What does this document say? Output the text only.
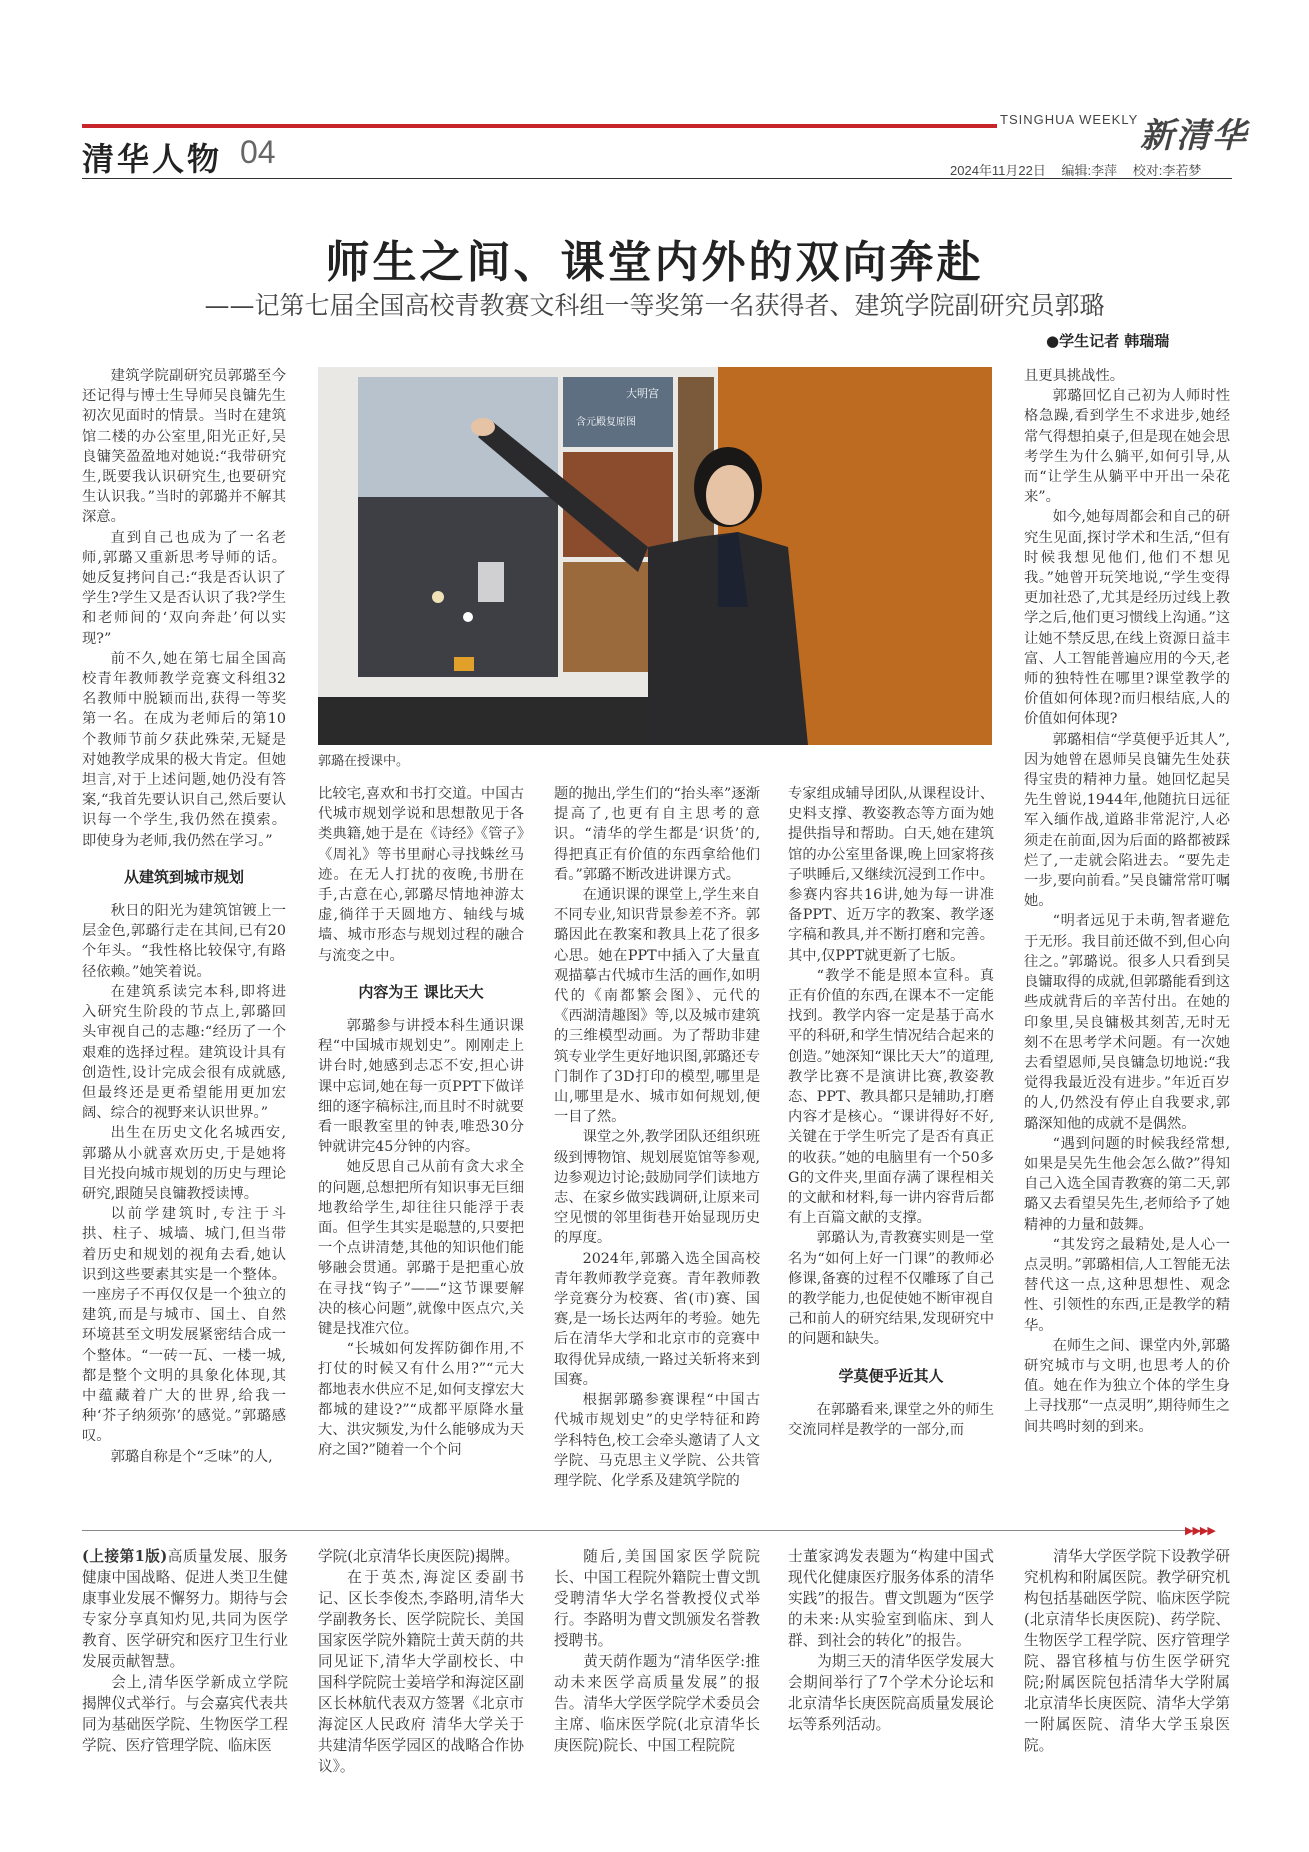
清华人物 04
TSINGHUA WEEKLY 新清华
2024年11月22日 编辑:李萍 校对:李若梦
师生之间、课堂内外的双向奔赴
——记第七届全国高校青教赛文科组一等奖第一名获得者、建筑学院副研究员郭璐
●学生记者 韩瑞瑞
大明宫
含元殿复原图
郭璐在授课中。

建筑学院副研究员郭璐至今还记得与博士生导师吴良镛先生初次见面时的情景。当时在建筑馆二楼的办公室里,阳光正好,吴良镛笑盈盈地对她说:“我带研究生,既要我认识研究生,也要研究生认识我。”当时的郭璐并不解其深意。

直到自己也成为了一名老师,郭璐又重新思考导师的话。她反复拷问自己:“我是否认识了学生?学生又是否认识了我?学生和老师间的‘双向奔赴’何以实现?”

前不久,她在第七届全国高校青年教师教学竞赛文科组32名教师中脱颖而出,获得一等奖第一名。在成为老师后的第10个教师节前夕获此殊荣,无疑是对她教学成果的极大肯定。但她坦言,对于上述问题,她仍没有答案,“我首先要认识自己,然后要认识每一个学生,我仍然在摸索。即使身为老师,我仍然在学习。”

从建筑到城市规划

秋日的阳光为建筑馆镀上一层金色,郭璐行走在其间,已有20个年头。“我性格比较保守,有路径依赖。”她笑着说。

在建筑系读完本科,即将进入研究生阶段的节点上,郭璐回头审视自己的志趣:“经历了一个艰难的选择过程。建筑设计具有创造性,设计完成会很有成就感,但最终还是更希望能用更加宏阔、综合的视野来认识世界。”

出生在历史文化名城西安,郭璐从小就喜欢历史,于是她将目光投向城市规划的历史与理论研究,跟随吴良镛教授读博。

以前学建筑时,专注于斗拱、柱子、城墙、城门,但当带着历史和规划的视角去看,她认识到这些要素其实是一个整体。一座房子不再仅仅是一个独立的建筑,而是与城市、国土、自然环境甚至文明发展紧密结合成一个整体。“一砖一瓦、一楼一城,都是整个文明的具象化体现,其中蕴藏着广大的世界,给我一种‘芥子纳须弥’的感觉。”郭璐感叹。

郭璐自称是个“乏味”的人,

比较宅,喜欢和书打交道。中国古代城市规划学说和思想散见于各类典籍,她于是在《诗经》《管子》《周礼》等书里耐心寻找蛛丝马迹。在无人打扰的夜晚,书册在手,古意在心,郭璐尽情地神游太虚,徜徉于天圆地方、轴线与城墙、城市形态与规划过程的融合与流变之中。

内容为王 课比天大

郭璐参与讲授本科生通识课程“中国城市规划史”。刚刚走上讲台时,她感到忐忑不安,担心讲课中忘词,她在每一页PPT下做详细的逐字稿标注,而且时不时就要看一眼教室里的钟表,唯恐30分钟就讲完45分钟的内容。

她反思自己从前有贪大求全的问题,总想把所有知识事无巨细地教给学生,却往往只能浮于表面。但学生其实是聪慧的,只要把一个点讲清楚,其他的知识他们能够融会贯通。郭璐于是把重心放在寻找“钩子”——“这节课要解决的核心问题”,就像中医点穴,关键是找准穴位。

“长城如何发挥防御作用,不打仗的时候又有什么用?”“元大都地表水供应不足,如何支撑宏大都城的建设?”“成都平原降水量大、洪灾频发,为什么能够成为天府之国?”随着一个个问

题的抛出,学生们的“抬头率”逐渐提高了,也更有自主思考的意识。“清华的学生都是‘识货’的,得把真正有价值的东西拿给他们看。”郭璐不断改进讲课方式。

在通识课的课堂上,学生来自不同专业,知识背景参差不齐。郭璐因此在教案和教具上花了很多心思。她在PPT中插入了大量直观描摹古代城市生活的画作,如明代的《南都繁会图》、元代的《西湖清趣图》等,以及城市建筑的三维模型动画。为了帮助非建筑专业学生更好地识图,郭璐还专门制作了3D打印的模型,哪里是山,哪里是水、城市如何规划,便一目了然。

课堂之外,教学团队还组织班级到博物馆、规划展览馆等参观,边参观边讨论;鼓励同学们读地方志、在家乡做实践调研,让原来司空见惯的邻里街巷开始显现历史的厚度。

2024年,郭璐入选全国高校青年教师教学竞赛。青年教师教学竞赛分为校赛、省(市)赛、国赛,是一场长达两年的考验。她先后在清华大学和北京市的竞赛中取得优异成绩,一路过关斩将来到国赛。

根据郭璐参赛课程“中国古代城市规划史”的史学特征和跨学科特色,校工会牵头邀请了人文学院、马克思主义学院、公共管理学院、化学系及建筑学院的

专家组成辅导团队,从课程设计、史料支撑、教姿教态等方面为她提供指导和帮助。白天,她在建筑馆的办公室里备课,晚上回家将孩子哄睡后,又继续沉浸到工作中。参赛内容共16讲,她为每一讲准备PPT、近万字的教案、教学逐字稿和教具,并不断打磨和完善。其中,仅PPT就更新了七版。

“教学不能是照本宣科。真正有价值的东西,在课本不一定能找到。教学内容一定是基于高水平的科研,和学生情况结合起来的创造。”她深知“课比天大”的道理,教学比赛不是演讲比赛,教姿教态、PPT、教具都只是辅助,打磨内容才是核心。“课讲得好不好,关键在于学生听完了是否有真正的收获。”她的电脑里有一个50多G的文件夹,里面存满了课程相关的文献和材料,每一讲内容背后都有上百篇文献的支撑。

郭璐认为,青教赛实则是一堂名为“如何上好一门课”的教师必修课,备赛的过程不仅雕琢了自己的教学能力,也促使她不断审视自己和前人的研究结果,发现研究中的问题和缺失。

学莫便乎近其人

在郭璐看来,课堂之外的师生交流同样是教学的一部分,而

且更具挑战性。

郭璐回忆自己初为人师时性格急躁,看到学生不求进步,她经常气得想拍桌子,但是现在她会思考学生为什么躺平,如何引导,从而“让学生从躺平中开出一朵花来”。

如今,她每周都会和自己的研究生见面,探讨学术和生活,“但有时候我想见他们,他们不想见我。”她曾开玩笑地说,“学生变得更加社恐了,尤其是经历过线上教学之后,他们更习惯线上沟通。”这让她不禁反思,在线上资源日益丰富、人工智能普遍应用的今天,老师的独特性在哪里?课堂教学的价值如何体现?而归根结底,人的价值如何体现?

郭璐相信“学莫便乎近其人”,因为她曾在恩师吴良镛先生处获得宝贵的精神力量。她回忆起吴先生曾说,1944年,他随抗日远征军入缅作战,道路非常泥泞,人必须走在前面,因为后面的路都被踩烂了,一走就会陷进去。“要先走一步,要向前看。”吴良镛常常叮嘱她。

“明者远见于未萌,智者避危于无形。我目前还做不到,但心向往之。”郭璐说。很多人只看到吴良镛取得的成就,但郭璐能看到这些成就背后的辛苦付出。在她的印象里,吴良镛极其刻苦,无时无刻不在思考学术问题。有一次她去看望恩师,吴良镛急切地说:“我觉得我最近没有进步。”年近百岁的人,仍然没有停止自我要求,郭璐深知他的成就不是偶然。

“遇到问题的时候我经常想,如果是吴先生他会怎么做?”得知自己入选全国青教赛的第二天,郭璐又去看望吴先生,老师给予了她精神的力量和鼓舞。

“其发窍之最精处,是人心一点灵明。”郭璐相信,人工智能无法替代这一点,这种思想性、观念性、引领性的东西,正是教学的精华。

在师生之间、课堂内外,郭璐研究城市与文明,也思考人的价值。她在作为独立个体的学生身上寻找那“一点灵明”,期待师生之间共鸣时刻的到来。

▶▶▶▶

(上接第1版)高质量发展、服务健康中国战略、促进人类卫生健康事业发展不懈努力。期待与会专家分享真知灼见,共同为医学教育、医学研究和医疗卫生行业发展贡献智慧。

会上,清华医学新成立学院揭牌仪式举行。与会嘉宾代表共同为基础医学院、生物医学工程学院、医疗管理学院、临床医

学院(北京清华长庚医院)揭牌。

在于英杰,海淀区委副书记、区长李俊杰,李路明,清华大学副教务长、医学院院长、美国国家医学院外籍院士黄天荫的共同见证下,清华大学副校长、中国科学院院士姜培学和海淀区副区长林航代表双方签署《北京市海淀区人民政府 清华大学关于共建清华医学园区的战略合作协议》。

随后,美国国家医学院院长、中国工程院外籍院士曹文凯受聘清华大学名誉教授仪式举行。李路明为曹文凯颁发名誉教授聘书。

黄天荫作题为“清华医学:推动未来医学高质量发展”的报告。清华大学医学院学术委员会主席、临床医学院(北京清华长庚医院)院长、中国工程院院

士董家鸿发表题为“构建中国式现代化健康医疗服务体系的清华实践”的报告。曹文凯题为“医学的未来:从实验室到临床、到人群、到社会的转化”的报告。

为期三天的清华医学发展大会期间举行了7个学术分论坛和北京清华长庚医院高质量发展论坛等系列活动。

清华大学医学院下设教学研究机构和附属医院。教学研究机构包括基础医学院、临床医学院(北京清华长庚医院)、药学院、生物医学工程学院、医疗管理学院、器官移植与仿生医学研究院;附属医院包括清华大学附属北京清华长庚医院、清华大学第一附属医院、清华大学玉泉医院。
